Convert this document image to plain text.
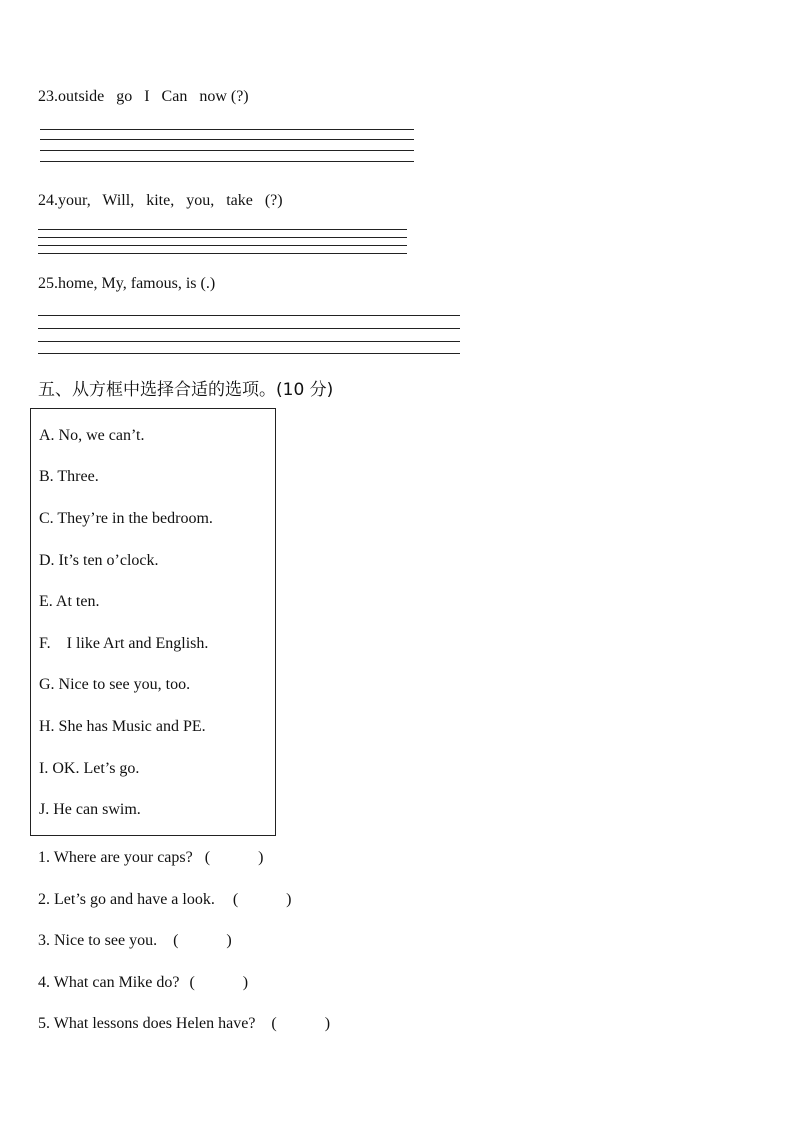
23.outside   go   I   Can   now (?)
24.your,   Will,   kite,   you,   take   (?)
25.home, My, famous, is (.)
五、从方框中选择合适的选项。(10 分)
A. No, we can’t.
B. Three.
C. They’re in the bedroom.
D. It’s ten o’clock.
E. At ten.
F.    I like Art and English.
G. Nice to see you, too.
H. She has Music and PE.
I. OK. Let’s go.
J. He can swim.
1. Where are your caps? (            )
2. Let’s go and have a look. (            )
3. Nice to see you. (            )
4. What can Mike do? (            )
5. What lessons does Helen have? (            )
